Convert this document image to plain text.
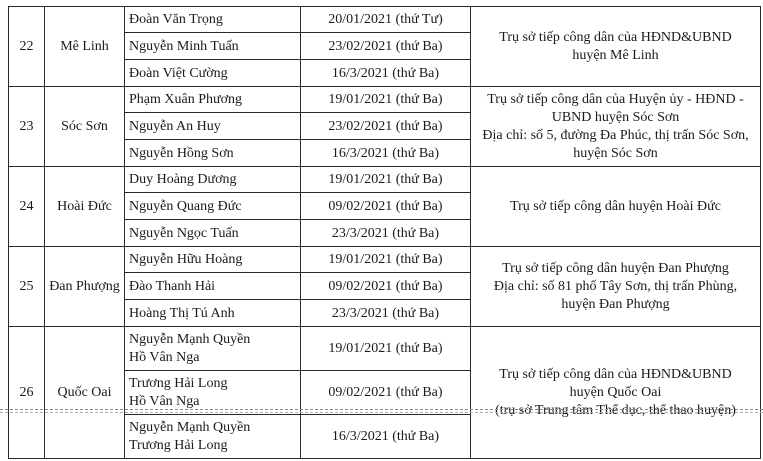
22	Mê Linh	Đoàn Văn Trọng	20/01/2021 (thứ Tư)	Trụ sở tiếp công dân của HĐND&UBND
huyện Mê Linh

		Nguyễn Minh Tuấn	23/02/2021 (thứ Ba)	

		Đoàn Việt Cường	16/3/2021 (thứ Ba)	
23	Sóc Sơn	Phạm Xuân Phương	19/01/2021 (thứ Ba)	Trụ sở tiếp công dân của Huyện ủy - HĐND -
UBND huyện Sóc Sơn
Địa chỉ: số 5, đường Đa Phúc, thị trấn Sóc Sơn,
huyện Sóc Sơn

		Nguyễn An Huy	23/02/2021 (thứ Ba)	

		Nguyễn Hồng Sơn	16/3/2021 (thứ Ba)	
24	Hoài Đức	Duy Hoàng Dương	19/01/2021 (thứ Ba)	Trụ sở tiếp công dân huyện Hoài Đức

		Nguyễn Quang Đức	09/02/2021 (thứ Ba)	

		Nguyễn Ngọc Tuấn	23/3/2021 (thứ Ba)	
25	Đan Phượng	Nguyễn Hữu Hoàng	19/01/2021 (thứ Ba)	Trụ sở tiếp công dân huyện Đan Phượng
Địa chỉ: số 81 phố Tây Sơn, thị trấn Phùng,
huyện Đan Phượng

		Đào Thanh Hải	09/02/2021 (thứ Ba)	

		Hoàng Thị Tú Anh	23/3/2021 (thứ Ba)	
26	Quốc Oai	Nguyễn Mạnh Quyền
Hồ Vân Nga	19/01/2021 (thứ Ba)	Trụ sở tiếp công dân của HĐND&UBND
huyện Quốc Oai
(trụ sở Trung tâm Thể dục, thể thao huyện)

		Trương Hải Long
Hồ Vân Nga	09/02/2021 (thứ Ba)	

		Nguyễn Mạnh Quyền
Trương Hải Long	16/3/2021 (thứ Ba)	
